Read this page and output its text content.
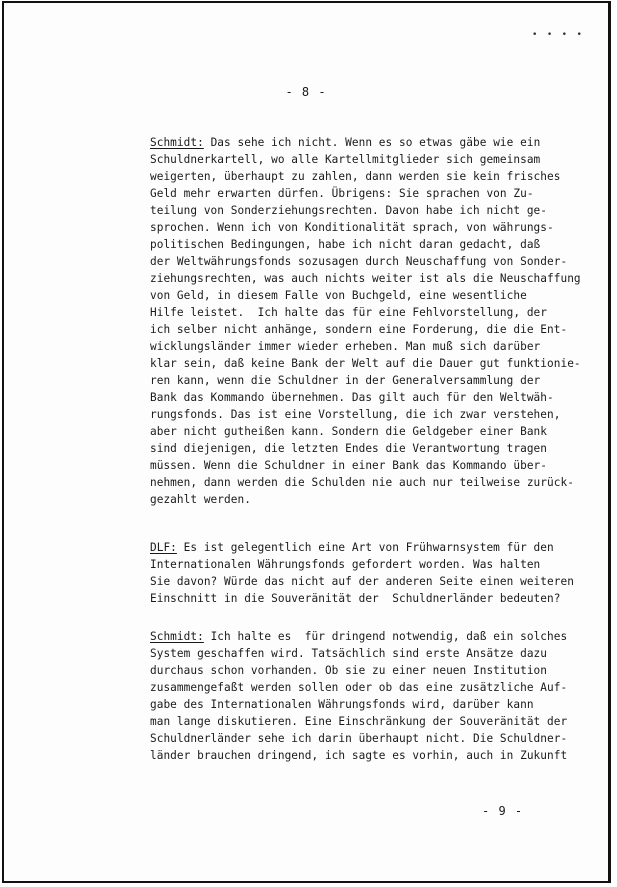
• • • •
- 8 -
Schmidt: Das sehe ich nicht. Wenn es so etwas gäbe wie ein
Schuldnerkartell, wo alle Kartellmitglieder sich gemeinsam
weigerten, überhaupt zu zahlen, dann werden sie kein frisches
Geld mehr erwarten dürfen. Übrigens: Sie sprachen von Zu-
teilung von Sonderziehungsrechten. Davon habe ich nicht ge-
sprochen. Wenn ich von Konditionalität sprach, von währungs-
politischen Bedingungen, habe ich nicht daran gedacht, daß
der Weltwährungsfonds sozusagen durch Neuschaffung von Sonder-
ziehungsrechten, was auch nichts weiter ist als die Neuschaffung
von Geld, in diesem Falle von Buchgeld, eine wesentliche
Hilfe leistet.  Ich halte das für eine Fehlvorstellung, der
ich selber nicht anhänge, sondern eine Forderung, die die Ent-
wicklungsländer immer wieder erheben. Man muß sich darüber
klar sein, daß keine Bank der Welt auf die Dauer gut funktionie-
ren kann, wenn die Schuldner in der Generalversammlung der
Bank das Kommando übernehmen. Das gilt auch für den Weltwäh-
rungsfonds. Das ist eine Vorstellung, die ich zwar verstehen,
aber nicht gutheißen kann. Sondern die Geldgeber einer Bank
sind diejenigen, die letzten Endes die Verantwortung tragen
müssen. Wenn die Schuldner in einer Bank das Kommando über-
nehmen, dann werden die Schulden nie auch nur teilweise zurück-
gezahlt werden.
DLF: Es ist gelegentlich eine Art von Frühwarnsystem für den
Internationalen Währungsfonds gefordert worden. Was halten
Sie davon? Würde das nicht auf der anderen Seite einen weiteren
Einschnitt in die Souveränität der  Schuldnerländer bedeuten?
Schmidt: Ich halte es  für dringend notwendig, daß ein solches
System geschaffen wird. Tatsächlich sind erste Ansätze dazu
durchaus schon vorhanden. Ob sie zu einer neuen Institution
zusammengefaßt werden sollen oder ob das eine zusätzliche Auf-
gabe des Internationalen Währungsfonds wird, darüber kann
man lange diskutieren. Eine Einschränkung der Souveränität der
Schuldnerländer sehe ich darin überhaupt nicht. Die Schuldner-
länder brauchen dringend, ich sagte es vorhin, auch in Zukunft
- 9 -
